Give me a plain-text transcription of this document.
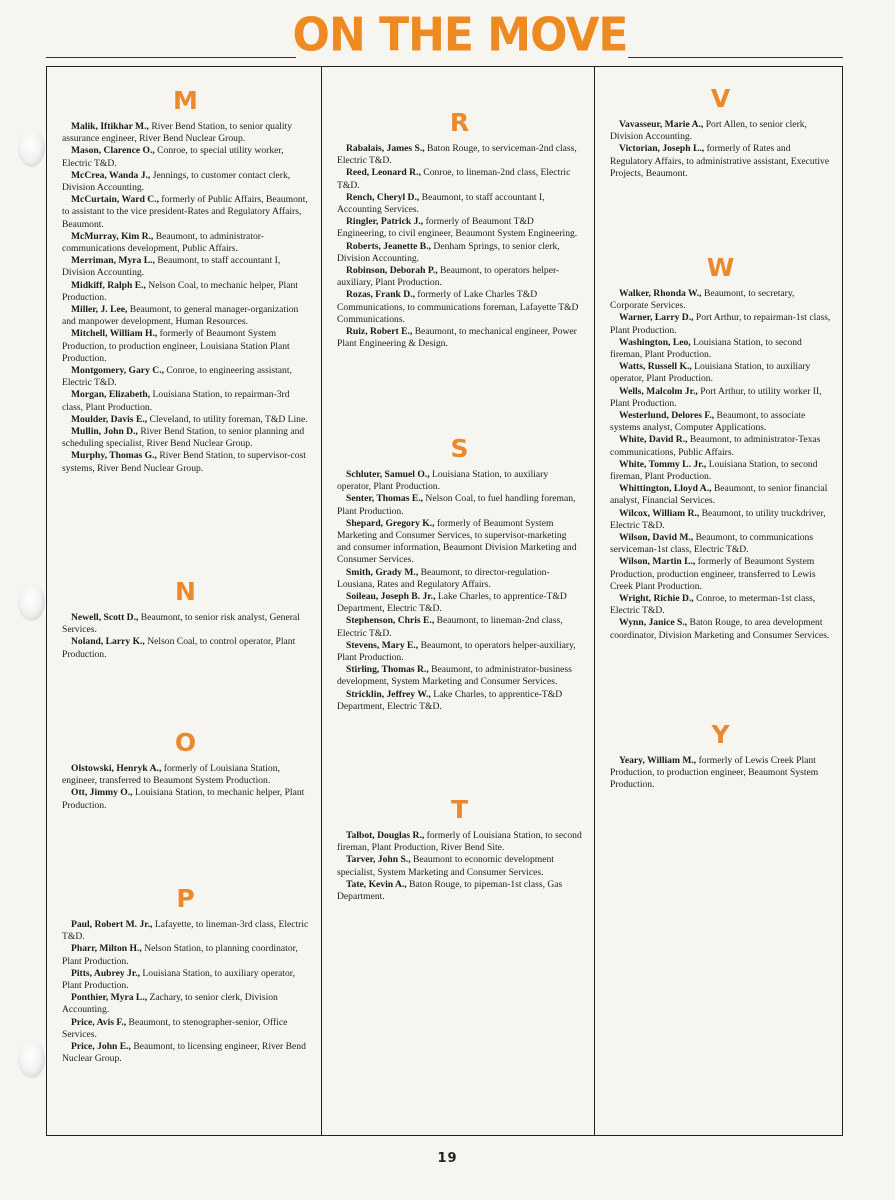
ON THE MOVE
M

Malik, Iftikhar M., River Bend Station, to senior quality assurance engineer, River Bend Nuclear Group.

Mason, Clarence O., Conroe, to special utility worker, Electric T&D.

McCrea, Wanda J., Jennings, to customer contact clerk, Division Accounting.

McCurtain, Ward C., formerly of Public Affairs, Beaumont, to assistant to the vice president-Rates and Regulatory Affairs, Beaumont.

McMurray, Kim R., Beaumont, to administrator-communications development, Public Affairs.

Merriman, Myra L., Beaumont, to staff accountant I, Division Accounting.

Midkiff, Ralph E., Nelson Coal, to mechanic helper, Plant Production.

Miller, J. Lee, Beaumont, to general manager-organization and manpower development, Human Resources.

Mitchell, William H., formerly of Beaumont System Production, to production engineer, Louisiana Station Plant Production.

Montgomery, Gary C., Conroe, to engineering assistant, Electric T&D.

Morgan, Elizabeth, Louisiana Station, to repairman-3rd class, Plant Production.

Moulder, Davis E., Cleveland, to utility foreman, T&D Line.

Mullin, John D., River Bend Station, to senior planning and scheduling specialist, River Bend Nuclear Group.

Murphy, Thomas G., River Bend Station, to supervisor-cost systems, River Bend Nuclear Group.

N

Newell, Scott D., Beaumont, to senior risk analyst, General Services.

Noland, Larry K., Nelson Coal, to control operator, Plant Production.

O

Olstowski, Henryk A., formerly of Louisiana Station, engineer, transferred to Beaumont System Production.

Ott, Jimmy O., Louisiana Station, to mechanic helper, Plant Production.

P

Paul, Robert M. Jr., Lafayette, to lineman-3rd class, Electric T&D.

Pharr, Milton H., Nelson Station, to planning coordinator, Plant Production.

Pitts, Aubrey Jr., Louisiana Station, to auxiliary operator, Plant Production.

Ponthier, Myra L., Zachary, to senior clerk, Division Accounting.

Price, Avis F., Beaumont, to stenographer-senior, Office Services.

Price, John E., Beaumont, to licensing engineer, River Bend Nuclear Group.

R

Rabalais, James S., Baton Rouge, to serviceman-2nd class, Electric T&D.

Reed, Leonard R., Conroe, to lineman-2nd class, Electric T&D.

Rench, Cheryl D., Beaumont, to staff accountant I, Accounting Services.

Ringler, Patrick J., formerly of Beaumont T&D Engineering, to civil engineer, Beaumont System Engineering.

Roberts, Jeanette B., Denham Springs, to senior clerk, Division Accounting.

Robinson, Deborah P., Beaumont, to operators helper-auxiliary, Plant Production.

Rozas, Frank D., formerly of Lake Charles T&D Communications, to communications foreman, Lafayette T&D Communications.

Ruiz, Robert E., Beaumont, to mechanical engineer, Power Plant Engineering & Design.

S

Schluter, Samuel O., Louisiana Station, to auxiliary operator, Plant Production.

Senter, Thomas E., Nelson Coal, to fuel handling foreman, Plant Production.

Shepard, Gregory K., formerly of Beaumont System Marketing and Consumer Services, to supervisor-marketing and consumer information, Beaumont Division Marketing and Consumer Services.

Smith, Grady M., Beaumont, to director-regulation-Lousiana, Rates and Regulatory Affairs.

Soileau, Joseph B. Jr., Lake Charles, to apprentice-T&D Department, Electric T&D.

Stephenson, Chris E., Beaumont, to lineman-2nd class, Electric T&D.

Stevens, Mary E., Beaumont, to operators helper-auxiliary, Plant Production.

Stirling, Thomas R., Beaumont, to administrator-business development, System Marketing and Consumer Services.

Stricklin, Jeffrey W., Lake Charles, to apprentice-T&D Department, Electric T&D.

T

Talbot, Douglas R., formerly of Louisiana Station, to second fireman, Plant Production, River Bend Site.

Tarver, John S., Beaumont to economic development specialist, System Marketing and Consumer Services.

Tate, Kevin A., Baton Rouge, to pipeman-1st class, Gas Department.

V

Vavasseur, Marie A., Port Allen, to senior clerk, Division Accounting.

Victorian, Joseph L., formerly of Rates and Regulatory Affairs, to administrative assistant, Executive Projects, Beaumont.

W

Walker, Rhonda W., Beaumont, to secretary, Corporate Services.

Warner, Larry D., Port Arthur, to repairman-1st class, Plant Production.

Washington, Leo, Louisiana Station, to second fireman, Plant Production.

Watts, Russell K., Louisiana Station, to auxiliary operator, Plant Production.

Wells, Malcolm Jr., Port Arthur, to utility worker II, Plant Production.

Westerlund, Delores F., Beaumont, to associate systems analyst, Computer Applications.

White, David R., Beaumont, to administrator-Texas communications, Public Affairs.

White, Tommy L. Jr., Louisiana Station, to second fireman, Plant Production.

Whittington, Lloyd A., Beaumont, to senior financial analyst, Financial Services.

Wilcox, William R., Beaumont, to utility truckdriver, Electric T&D.

Wilson, David M., Beaumont, to communications serviceman-1st class, Electric T&D.

Wilson, Martin L., formerly of Beaumont System Production, production engineer, transferred to Lewis Creek Plant Production.

Wright, Richie D., Conroe, to meterman-1st class, Electric T&D.

Wynn, Janice S., Baton Rouge, to area development coordinator, Division Marketing and Consumer Services.

Y

Yeary, William M., formerly of Lewis Creek Plant Production, to production engineer, Beaumont System Production.

19
